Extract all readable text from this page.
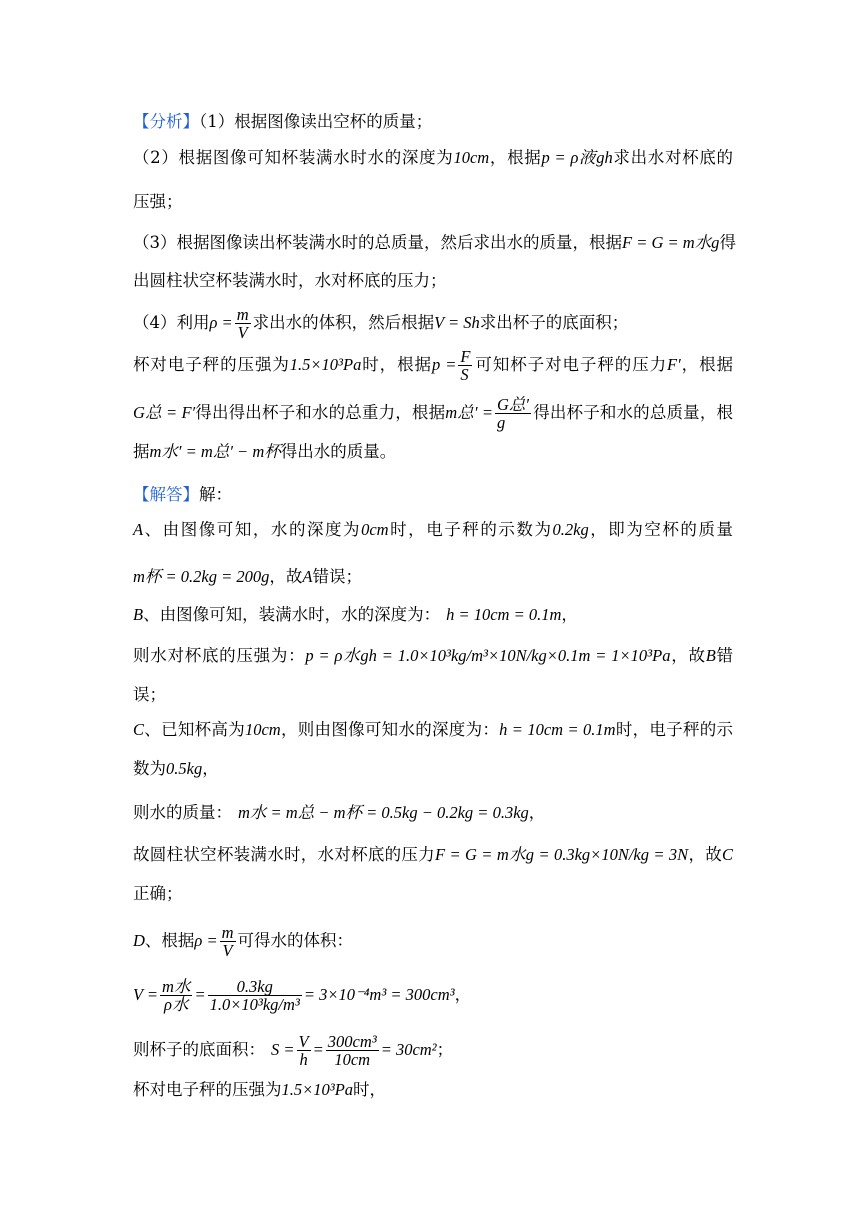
【分析】（1）根据图像读出空杯的质量；
（2）根据图像可知杯装满水时水的深度为10cm，根据p = ρ液gh求出水对杯底的
压强；
（3）根据图像读出杯装满水时的总质量，然后求出水的质量，根据F = G = m水g得
出圆柱状空杯装满水时，水对杯底的压力；
（4）利用$\rho = \frac{m}{V}$ 求出水的体积，然后根据V = Sh求出杯子的底面积；
杯对电子秤的压强为1.5×10³Pa时，根据$p = \frac{F}{S}$ 可知杯子对电子秤的压力F′，根据
G总 = F′得出得出杯子和水的总重力，根据m总′ = $\frac{\text{G总′}}{g}$ 得出杯子和水的总质量，根
据m水′ = m总′ − m杯得出水的质量。
【解答】解：
A、由图像可知，水的深度为0cm时，电子秤的示数为0.2kg，即为空杯的质量
m杯 = 0.2kg = 200g，故A错误；
B、由图像可知，装满水时，水的深度为： h = 10cm = 0.1m，
则水对杯底的压强为：p = ρ水gh = 1.0×10³kg/m³×10N/kg×0.1m = 1×10³Pa，故B错
误；
C、已知杯高为10cm，则由图像可知水的深度为：h = 10cm = 0.1m时，电子秤的示
数为0.5kg，
则水的质量： m水 = m总 − m杯 = 0.5kg − 0.2kg = 0.3kg，
故圆柱状空杯装满水时，水对杯底的压力F = G = m水g = 0.3kg×10N/kg = 3N，故C
正确；
D、根据$\rho = \frac{m}{V}$ 可得水的体积：
$V = \frac{\text{m水}}{\text{ρ水}} = \frac{0.3kg}{\text{1.0×10³kg/m³}} = 3\times 10^{-4}m^3 = 300cm^3$，
则杯子的底面积： $S = \frac{V}{h} = \frac{\text{300cm³}}{10cm} = 30cm^2$；
杯对电子秤的压强为1.5×10³Pa时，
